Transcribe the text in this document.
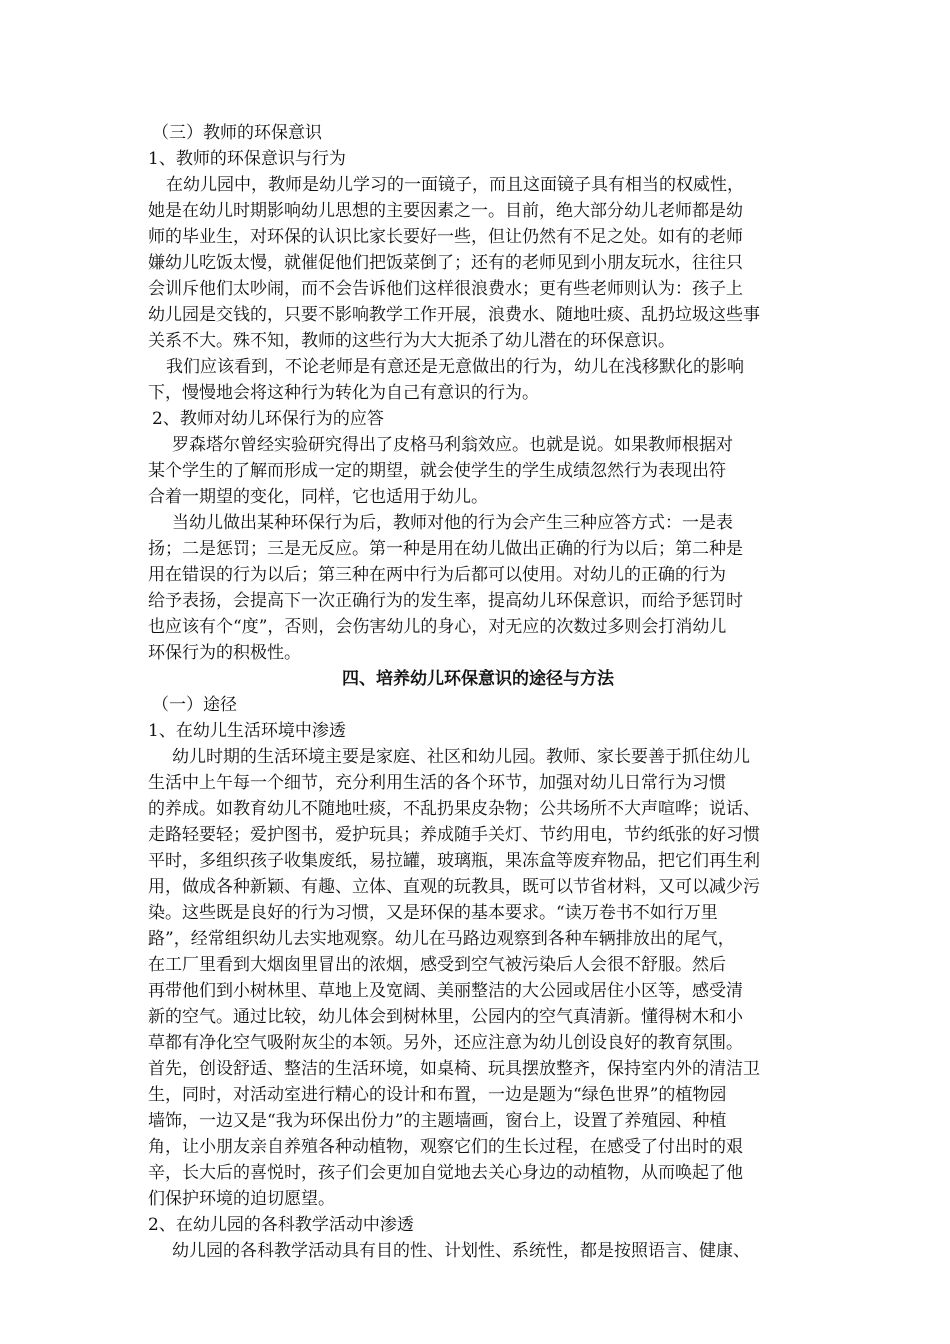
（三）教师的环保意识
1、教师的环保意识与行为
在幼儿园中，教师是幼儿学习的一面镜子，而且这面镜子具有相当的权威性，
她是在幼儿时期影响幼儿思想的主要因素之一。目前，绝大部分幼儿老师都是幼
师的毕业生，对环保的认识比家长要好一些，但让仍然有不足之处。如有的老师
嫌幼儿吃饭太慢，就催促他们把饭菜倒了；还有的老师见到小朋友玩水，往往只
会训斥他们太吵闹，而不会告诉他们这样很浪费水；更有些老师则认为：孩子上
幼儿园是交钱的，只要不影响教学工作开展，浪费水、随地吐痰、乱扔垃圾这些事
关系不大。殊不知，教师的这些行为大大扼杀了幼儿潜在的环保意识。
我们应该看到，不论老师是有意还是无意做出的行为，幼儿在浅移默化的影响
下，慢慢地会将这种行为转化为自己有意识的行为。
2、教师对幼儿环保行为的应答
罗森塔尔曾经实验研究得出了皮格马利翁效应。也就是说。如果教师根据对
某个学生的了解而形成一定的期望，就会使学生的学生成绩忽然行为表现出符
合着一期望的变化，同样，它也适用于幼儿。
当幼儿做出某种环保行为后，教师对他的行为会产生三种应答方式：一是表
扬；二是惩罚；三是无反应。第一种是用在幼儿做出正确的行为以后；第二种是
用在错误的行为以后；第三种在两中行为后都可以使用。对幼儿的正确的行为
给予表扬，会提高下一次正确行为的发生率，提高幼儿环保意识，而给予惩罚时
也应该有个“度”，否则，会伤害幼儿的身心，对无应的次数过多则会打消幼儿
环保行为的积极性。
四、培养幼儿环保意识的途径与方法
（一）途径
1、在幼儿生活环境中渗透
幼儿时期的生活环境主要是家庭、社区和幼儿园。教师、家长要善于抓住幼儿
生活中上午每一个细节，充分利用生活的各个环节，加强对幼儿日常行为习惯
的养成。如教育幼儿不随地吐痰，不乱扔果皮杂物；公共场所不大声喧哗；说话、
走路轻要轻；爱护图书，爱护玩具；养成随手关灯、节约用电，节约纸张的好习惯
平时，多组织孩子收集废纸，易拉罐，玻璃瓶，果冻盒等废弃物品，把它们再生利
用，做成各种新颖、有趣、立体、直观的玩教具，既可以节省材料，又可以减少污
染。这些既是良好的行为习惯，又是环保的基本要求。“读万卷书不如行万里
路”，经常组织幼儿去实地观察。幼儿在马路边观察到各种车辆排放出的尾气，
在工厂里看到大烟囱里冒出的浓烟，感受到空气被污染后人会很不舒服。然后
再带他们到小树林里、草地上及宽阔、美丽整洁的大公园或居住小区等，感受清
新的空气。通过比较，幼儿体会到树林里，公园内的空气真清新。懂得树木和小
草都有净化空气吸附灰尘的本领。另外，还应注意为幼儿创设良好的教育氛围。
首先，创设舒适、整洁的生活环境，如桌椅、玩具摆放整齐，保持室内外的清洁卫
生，同时，对活动室进行精心的设计和布置，一边是题为“绿色世界”的植物园
墙饰，一边又是“我为环保出份力”的主题墙画，窗台上，设置了养殖园、种植
角，让小朋友亲自养殖各种动植物，观察它们的生长过程，在感受了付出时的艰
辛，长大后的喜悦时，孩子们会更加自觉地去关心身边的动植物，从而唤起了他
们保护环境的迫切愿望。
2、在幼儿园的各科教学活动中渗透
幼儿园的各科教学活动具有目的性、计划性、系统性，都是按照语言、健康、
